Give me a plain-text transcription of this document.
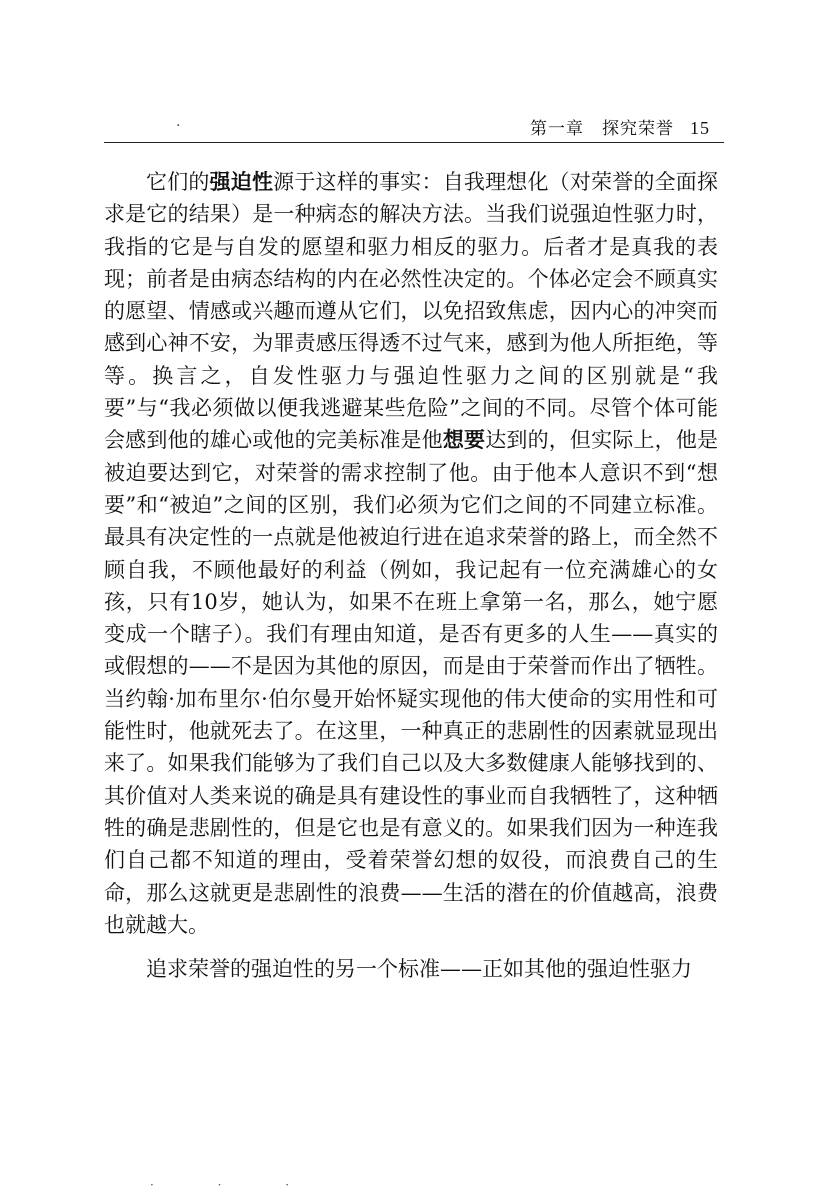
·	第一章　探究荣誉 15

它们的强迫性源于这样的事实：自我理想化（对荣誉的全面探求是它的结果）是一种病态的解决方法。当我们说强迫性驱力时，我指的它是与自发的愿望和驱力相反的驱力。后者才是真我的表现；前者是由病态结构的内在必然性决定的。个体必定会不顾真实的愿望、情感或兴趣而遵从它们，以免招致焦虑，因内心的冲突而感到心神不安，为罪责感压得透不过气来，感到为他人所拒绝，等等。换言之，自发性驱力与强迫性驱力之间的区别就是“我要”与“我必须做以便我逃避某些危险”之间的不同。尽管个体可能会感到他的雄心或他的完美标准是他想要达到的，但实际上，他是被迫要达到它，对荣誉的需求控制了他。由于他本人意识不到“想要”和“被迫”之间的区别，我们必须为它们之间的不同建立标准。最具有决定性的一点就是他被迫行进在追求荣誉的路上，而全然不顾自我，不顾他最好的利益（例如，我记起有一位充满雄心的女孩，只有10岁，她认为，如果不在班上拿第一名，那么，她宁愿变成一个瞎子）。我们有理由知道，是否有更多的人生——真实的或假想的——不是因为其他的原因，而是由于荣誉而作出了牺牲。当约翰·加布里尔·伯尔曼开始怀疑实现他的伟大使命的实用性和可能性时，他就死去了。在这里，一种真正的悲剧性的因素就显现出来了。如果我们能够为了我们自己以及大多数健康人能够找到的、其价值对人类来说的确是具有建设性的事业而自我牺牲了，这种牺牲的确是悲剧性的，但是它也是有意义的。如果我们因为一种连我们自己都不知道的理由，受着荣誉幻想的奴役，而浪费自己的生命，那么这就更是悲剧性的浪费——生活的潜在的价值越高，浪费也就越大。

追求荣誉的强迫性的另一个标准——正如其他的强迫性驱力

· · ·
